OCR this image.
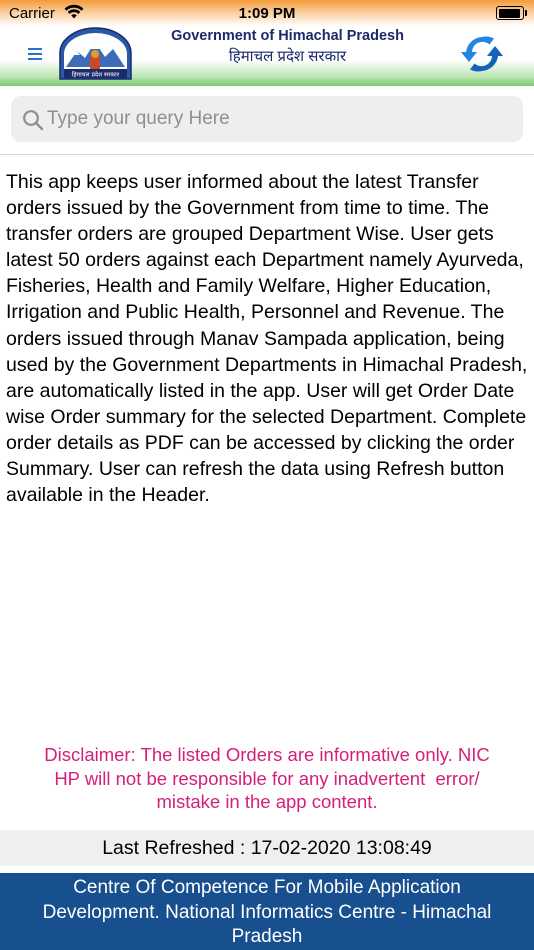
Carrier	1:09 PM
हिमाचल प्रदेश सरकार
Government of Himachal Pradesh
हिमाचल प्रदेश सरकार
Type your query Here
This app keeps user informed about the latest Transfer orders issued by the Government from time to time. The transfer orders are grouped Department Wise. User gets latest 50 orders against each Department namely Ayurveda, Fisheries, Health and Family Welfare, Higher Education, Irrigation and Public Health, Personnel and Revenue. The orders issued through Manav Sampada application, being used by the Government Departments in Himachal Pradesh, are automatically listed in the app. User will get Order Date wise Order summary for the selected Department. Complete order details as PDF can be accessed by clicking the order Summary. User can refresh the data using Refresh button available in the Header.
Disclaimer: The listed Orders are informative only. NIC
HP will not be responsible for any inadvertent  error/
mistake in the app content.
Last Refreshed : 17-02-2020 13:08:49
Centre Of Competence For Mobile Application
Development. National Informatics Centre - Himachal
Pradesh
